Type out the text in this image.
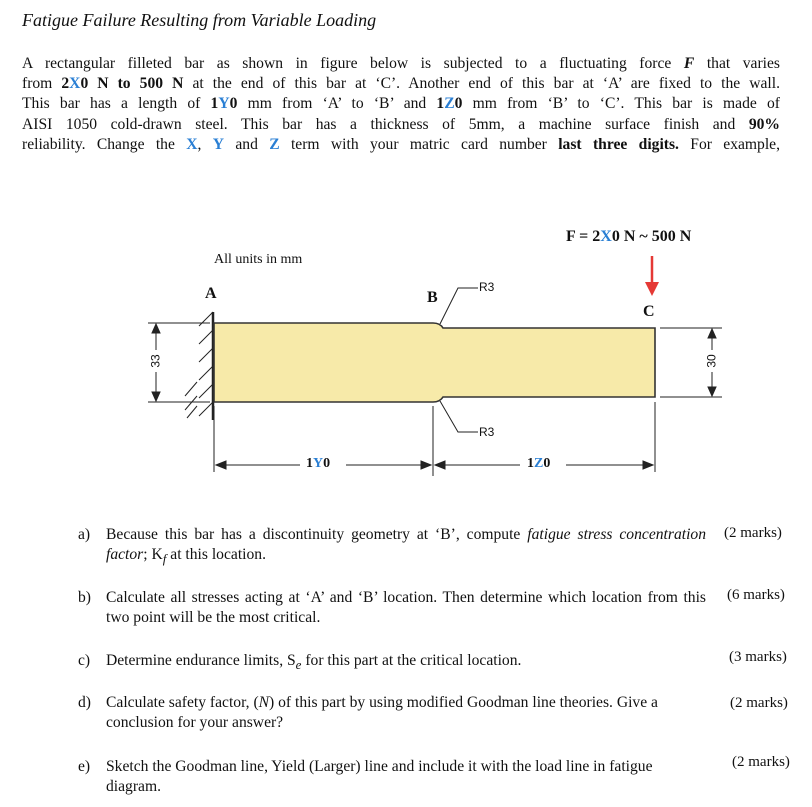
Fatigue Failure Resulting from Variable Loading
A rectangular filleted bar as shown in figure below is subjected to a fluctuating force F that varies
from 2X0 N to 500 N at the end of this bar at ‘C’. Another end of this bar at ‘A’ are fixed to the wall.
This bar has a length of 1Y0 mm from ‘A’ to ‘B’ and 1Z0 mm from ‘B’ to ‘C’. This bar is made of
AISI 1050 cold-drawn steel. This bar has a thickness of 5mm, a machine surface finish and 90%
reliability. Change the X, Y and Z term with your matric card number last three digits. For example,
F = 2X0 N ~ 500 N
All units in mm
A	B
C
R3
R3
33	30
1Y0	1Z0
a) Because this bar has a discontinuity geometry at ‘B’, compute fatigue stress concentration factor; $K_f$ at this location.
(2 marks)
b) Calculate all stresses acting at ‘A’ and ‘B’ location. Then determine which location from this two point will be the most critical.
(6 marks)
c) Determine endurance limits, $S_e$ for this part at the critical location.	(3 marks)
d) Calculate safety factor, (N) of this part by using modified Goodman line theories. Give a conclusion for your answer?
(2 marks)
e) Sketch the Goodman line, Yield (Larger) line and include it with the load line in fatigue diagram.
(2 marks)
